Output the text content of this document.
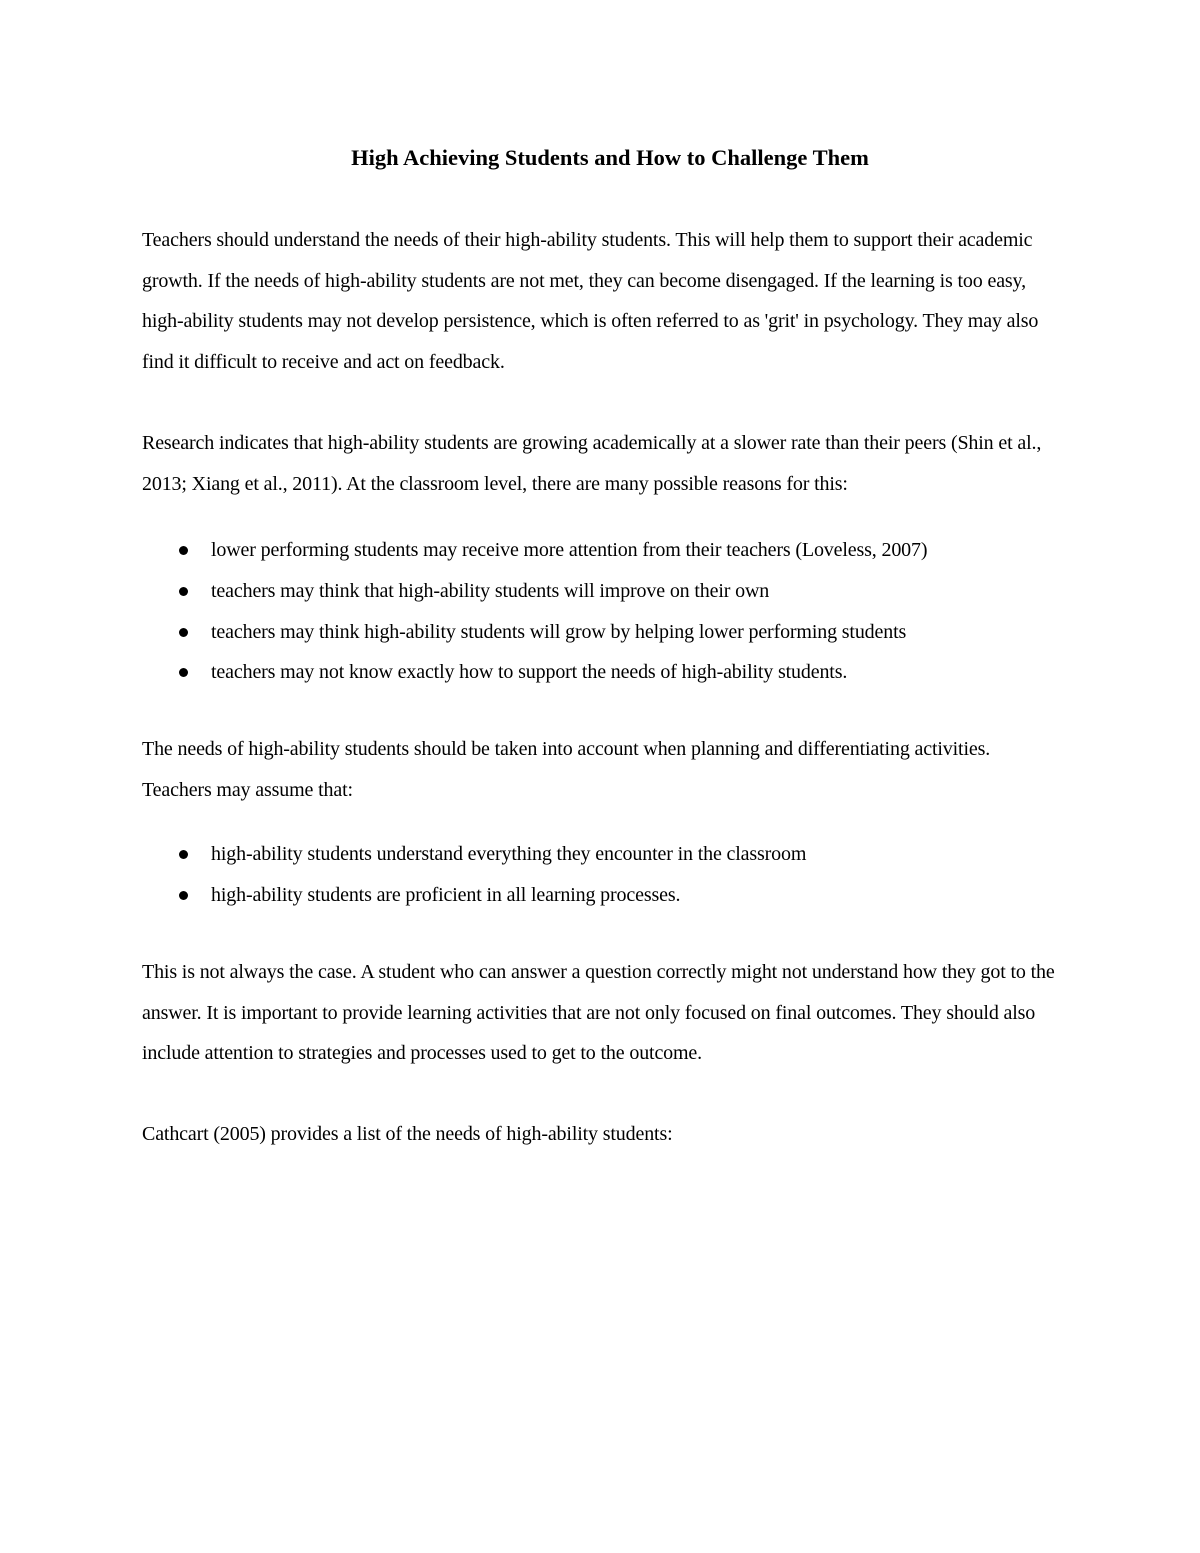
High Achieving Students and How to Challenge Them

Teachers should understand the needs of their high-ability students. This will help them to support their academic growth. If the needs of high-ability students are not met, they can become disengaged. If the learning is too easy, high-ability students may not develop persistence, which is often referred to as 'grit' in psychology. They may also find it difficult to receive and act on feedback.

Research indicates that high-ability students are growing academically at a slower rate than their peers (Shin et al., 2013; Xiang et al., 2011). At the classroom level, there are many possible reasons for this:

lower performing students may receive more attention from their teachers (Loveless, 2007)
teachers may think that high-ability students will improve on their own
teachers may think high-ability students will grow by helping lower performing students
teachers may not know exactly how to support the needs of high-ability students.

The needs of high-ability students should be taken into account when planning and differentiating activities. Teachers may assume that:

high-ability students understand everything they encounter in the classroom
high-ability students are proficient in all learning processes.

This is not always the case. A student who can answer a question correctly might not understand how they got to the answer. It is important to provide learning activities that are not only focused on final outcomes. They should also include attention to strategies and processes used to get to the outcome.

Cathcart (2005) provides a list of the needs of high-ability students:
